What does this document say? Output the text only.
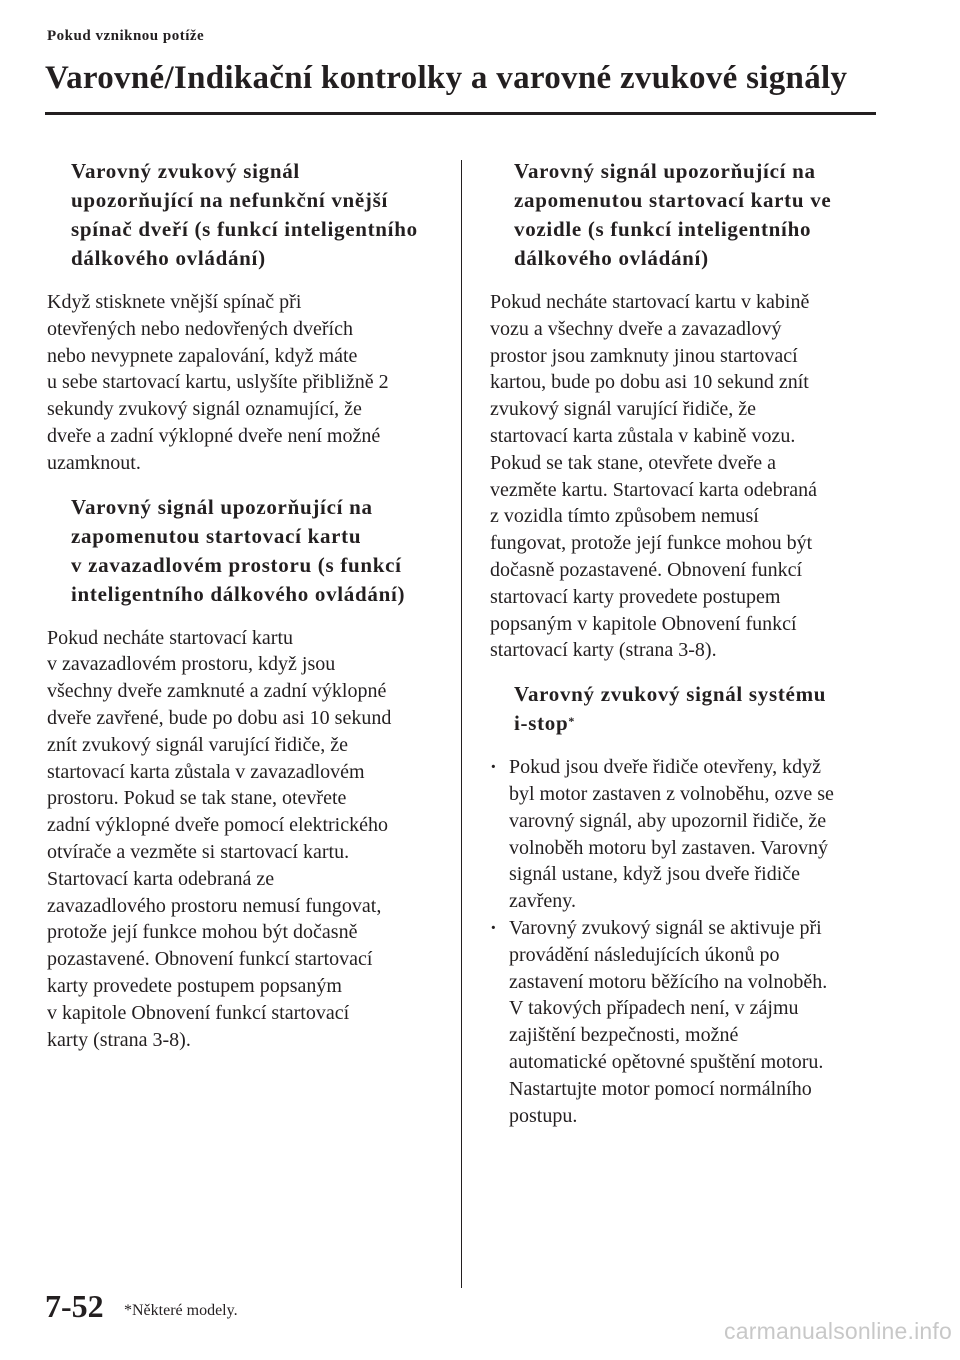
Pokud vzniknou potíže
Varovné/Indikační kontrolky a varovné zvukové signály
Varovný zvukový signál
upozorňující na nefunkční vnější
spínač dveří (s funkcí inteligentního
dálkového ovládání)
Když stisknete vnější spínač při
otevřených nebo nedovřených dveřích
nebo nevypnete zapalování, když máte
u sebe startovací kartu, uslyšíte přibližně 2
sekundy zvukový signál oznamující, že
dveře a zadní výklopné dveře není možné
uzamknout.
Varovný signál upozorňující na
zapomenutou startovací kartu
v zavazadlovém prostoru (s funkcí
inteligentního dálkového ovládání)
Pokud necháte startovací kartu
v zavazadlovém prostoru, když jsou
všechny dveře zamknuté a zadní výklopné
dveře zavřené, bude po dobu asi 10 sekund
znít zvukový signál varující řidiče, že
startovací karta zůstala v zavazadlovém
prostoru. Pokud se tak stane, otevřete
zadní výklopné dveře pomocí elektrického
otvírače a vezměte si startovací kartu.
Startovací karta odebraná ze
zavazadlového prostoru nemusí fungovat,
protože její funkce mohou být dočasně
pozastavené. Obnovení funkcí startovací
karty provedete postupem popsaným
v kapitole Obnovení funkcí startovací
karty (strana 3-8).
Varovný signál upozorňující na
zapomenutou startovací kartu ve
vozidle (s funkcí inteligentního
dálkového ovládání)
Pokud necháte startovací kartu v kabině
vozu a všechny dveře a zavazadlový
prostor jsou zamknuty jinou startovací
kartou, bude po dobu asi 10 sekund znít
zvukový signál varující řidiče, že
startovací karta zůstala v kabině vozu.
Pokud se tak stane, otevřete dveře a
vezměte kartu. Startovací karta odebraná
z vozidla tímto způsobem nemusí
fungovat, protože její funkce mohou být
dočasně pozastavené. Obnovení funkcí
startovací karty provedete postupem
popsaným v kapitole Obnovení funkcí
startovací karty (strana 3-8).
Varovný zvukový signál systému
i-stop*
· Pokud jsou dveře řidiče otevřeny, když
byl motor zastaven z volnoběhu, ozve se
varovný signál, aby upozornil řidiče, že
volnoběh motoru byl zastaven. Varovný
signál ustane, když jsou dveře řidiče
zavřeny.
· Varovný zvukový signál se aktivuje při
provádění následujících úkonů po
zastavení motoru běžícího na volnoběh.
V takových případech není, v zájmu
zajištění bezpečnosti, možné
automatické opětovné spuštění motoru.
Nastartujte motor pomocí normálního
postupu.
7-52 *Některé modely.
carmanualsonline.info
